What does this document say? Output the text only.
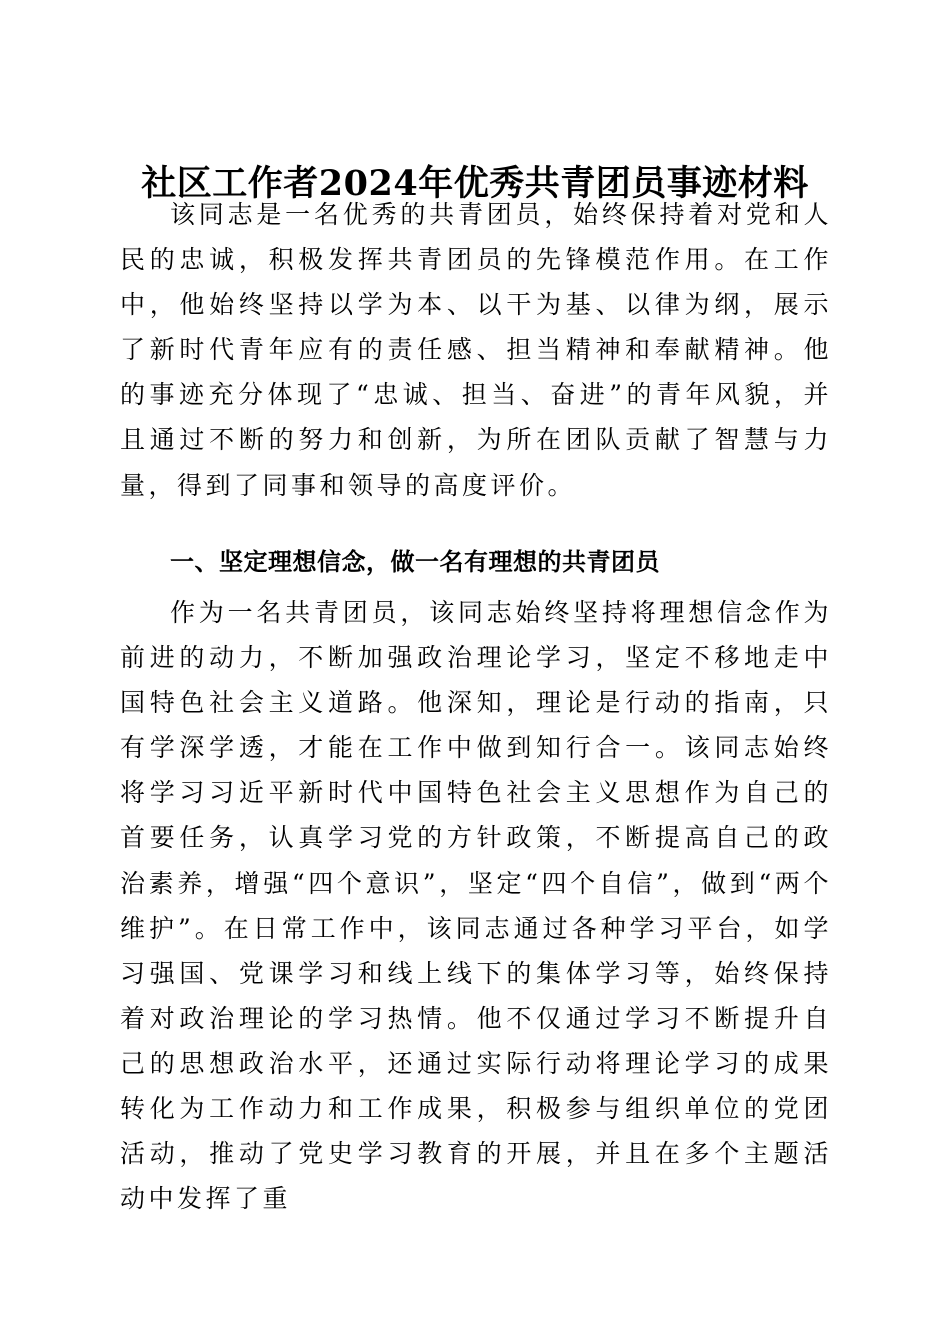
社区工作者2024年优秀共青团员事迹材料

该同志是一名优秀的共青团员，始终保持着对党和人民的忠诚，积极发挥共青团员的先锋模范作用。在工作中，他始终坚持以学为本、以干为基、以律为纲，展示了新时代青年应有的责任感、担当精神和奉献精神。他的事迹充分体现了“忠诚、担当、奋进”的青年风貌，并且通过不断的努力和创新，为所在团队贡献了智慧与力量，得到了同事和领导的高度评价。

一、坚定理想信念，做一名有理想的共青团员

作为一名共青团员，该同志始终坚持将理想信念作为前进的动力，不断加强政治理论学习，坚定不移地走中国特色社会主义道路。他深知，理论是行动的指南，只有学深学透，才能在工作中做到知行合一。该同志始终将学习习近平新时代中国特色社会主义思想作为自己的首要任务，认真学习党的方针政策，不断提高自己的政治素养，增强“四个意识”，坚定“四个自信”，做到“两个维护”。在日常工作中，该同志通过各种学习平台，如学习强国、党课学习和线上线下的集体学习等，始终保持着对政治理论的学习热情。他不仅通过学习不断提升自己的思想政治水平，还通过实际行动将理论学习的成果转化为工作动力和工作成果，积极参与组织单位的党团活动，推动了党史学习教育的开展，并且在多个主题活动中发挥了重
